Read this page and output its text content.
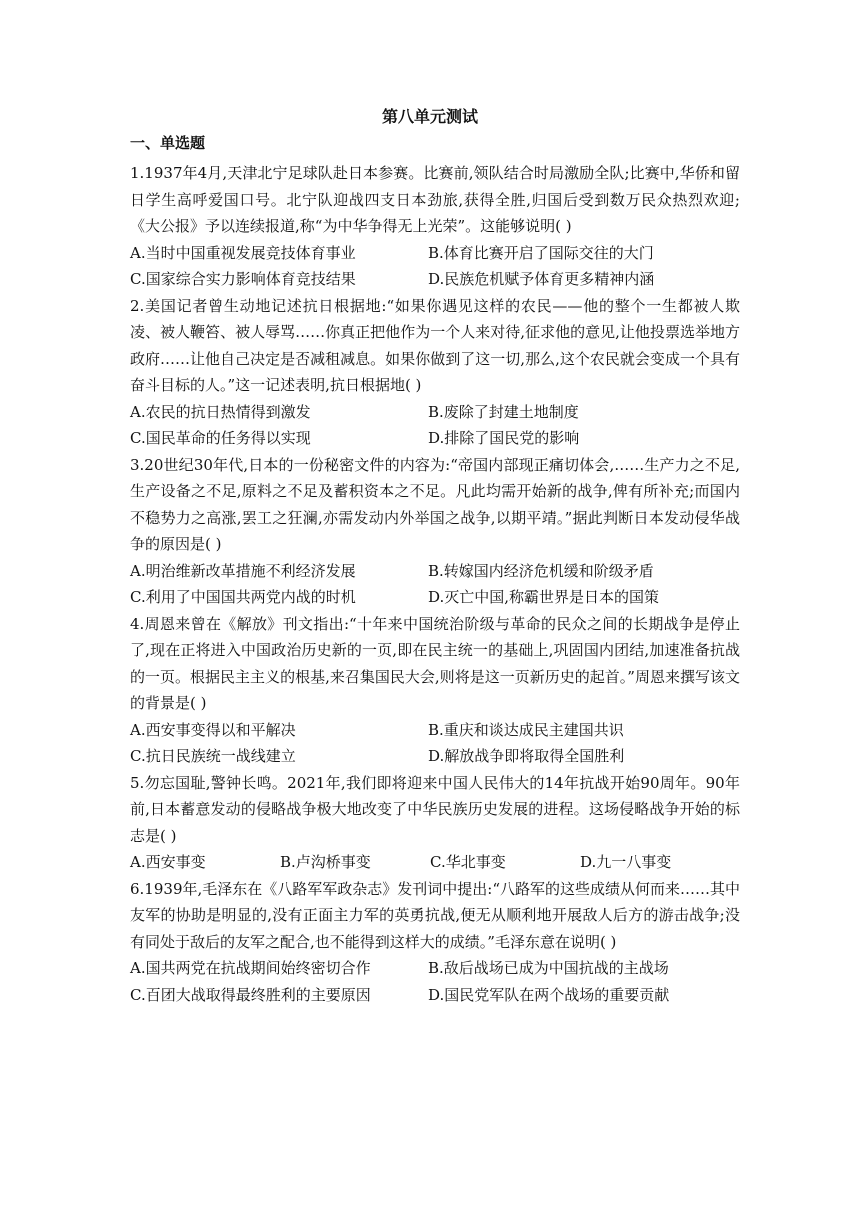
第八单元测试
一、单选题
1.1937年4月,天津北宁足球队赴日本参赛。比赛前,领队结合时局激励全队;比赛中,华侨和留日学生高呼爱国口号。北宁队迎战四支日本劲旅,获得全胜,归国后受到数万民众热烈欢迎;《大公报》予以连续报道,称“为中华争得无上光荣”。这能够说明( )
A.当时中国重视发展竞技体育事业	B.体育比赛开启了国际交往的大门
C.国家综合实力影响体育竞技结果	D.民族危机赋予体育更多精神内涵
2.美国记者曾生动地记述抗日根据地:“如果你遇见这样的农民——他的整个一生都被人欺凌、被人鞭笞、被人辱骂……你真正把他作为一个人来对待,征求他的意见,让他投票选举地方政府……让他自己决定是否减租减息。如果你做到了这一切,那么,这个农民就会变成一个具有奋斗目标的人。”这一记述表明,抗日根据地( )
A.农民的抗日热情得到激发	B.废除了封建土地制度
C.国民革命的任务得以实现	D.排除了国民党的影响
3.20世纪30年代,日本的一份秘密文件的内容为:“帝国内部现正痛切体会,……生产力之不足,生产设备之不足,原料之不足及蓄积资本之不足。凡此均需开始新的战争,俾有所补充;而国内不稳势力之高涨,罢工之狂澜,亦需发动内外举国之战争,以期平靖。”据此判断日本发动侵华战争的原因是( )
A.明治维新改革措施不利经济发展	B.转嫁国内经济危机缓和阶级矛盾
C.利用了中国国共两党内战的时机	D.灭亡中国,称霸世界是日本的国策
4.周恩来曾在《解放》刊文指出:“十年来中国统治阶级与革命的民众之间的长期战争是停止了,现在正将进入中国政治历史新的一页,即在民主统一的基础上,巩固国内团结,加速准备抗战的一页。根据民主主义的根基,来召集国民大会,则将是这一页新历史的起首。”周恩来撰写该文的背景是( )
A.西安事变得以和平解决	B.重庆和谈达成民主建国共识
C.抗日民族统一战线建立	D.解放战争即将取得全国胜利
5.勿忘国耻,警钟长鸣。2021年,我们即将迎来中国人民伟大的14年抗战开始90周年。90年前,日本蓄意发动的侵略战争极大地改变了中华民族历史发展的进程。这场侵略战争开始的标志是( )
A.西安事变	B.卢沟桥事变	C.华北事变	D.九一八事变
6.1939年,毛泽东在《八路军军政杂志》发刊词中提出:“八路军的这些成绩从何而来……其中友军的协助是明显的,没有正面主力军的英勇抗战,便无从顺利地开展敌人后方的游击战争;没有同处于敌后的友军之配合,也不能得到这样大的成绩。”毛泽东意在说明( )
A.国共两党在抗战期间始终密切合作	B.敌后战场已成为中国抗战的主战场
C.百团大战取得最终胜利的主要原因	D.国民党军队在两个战场的重要贡献
